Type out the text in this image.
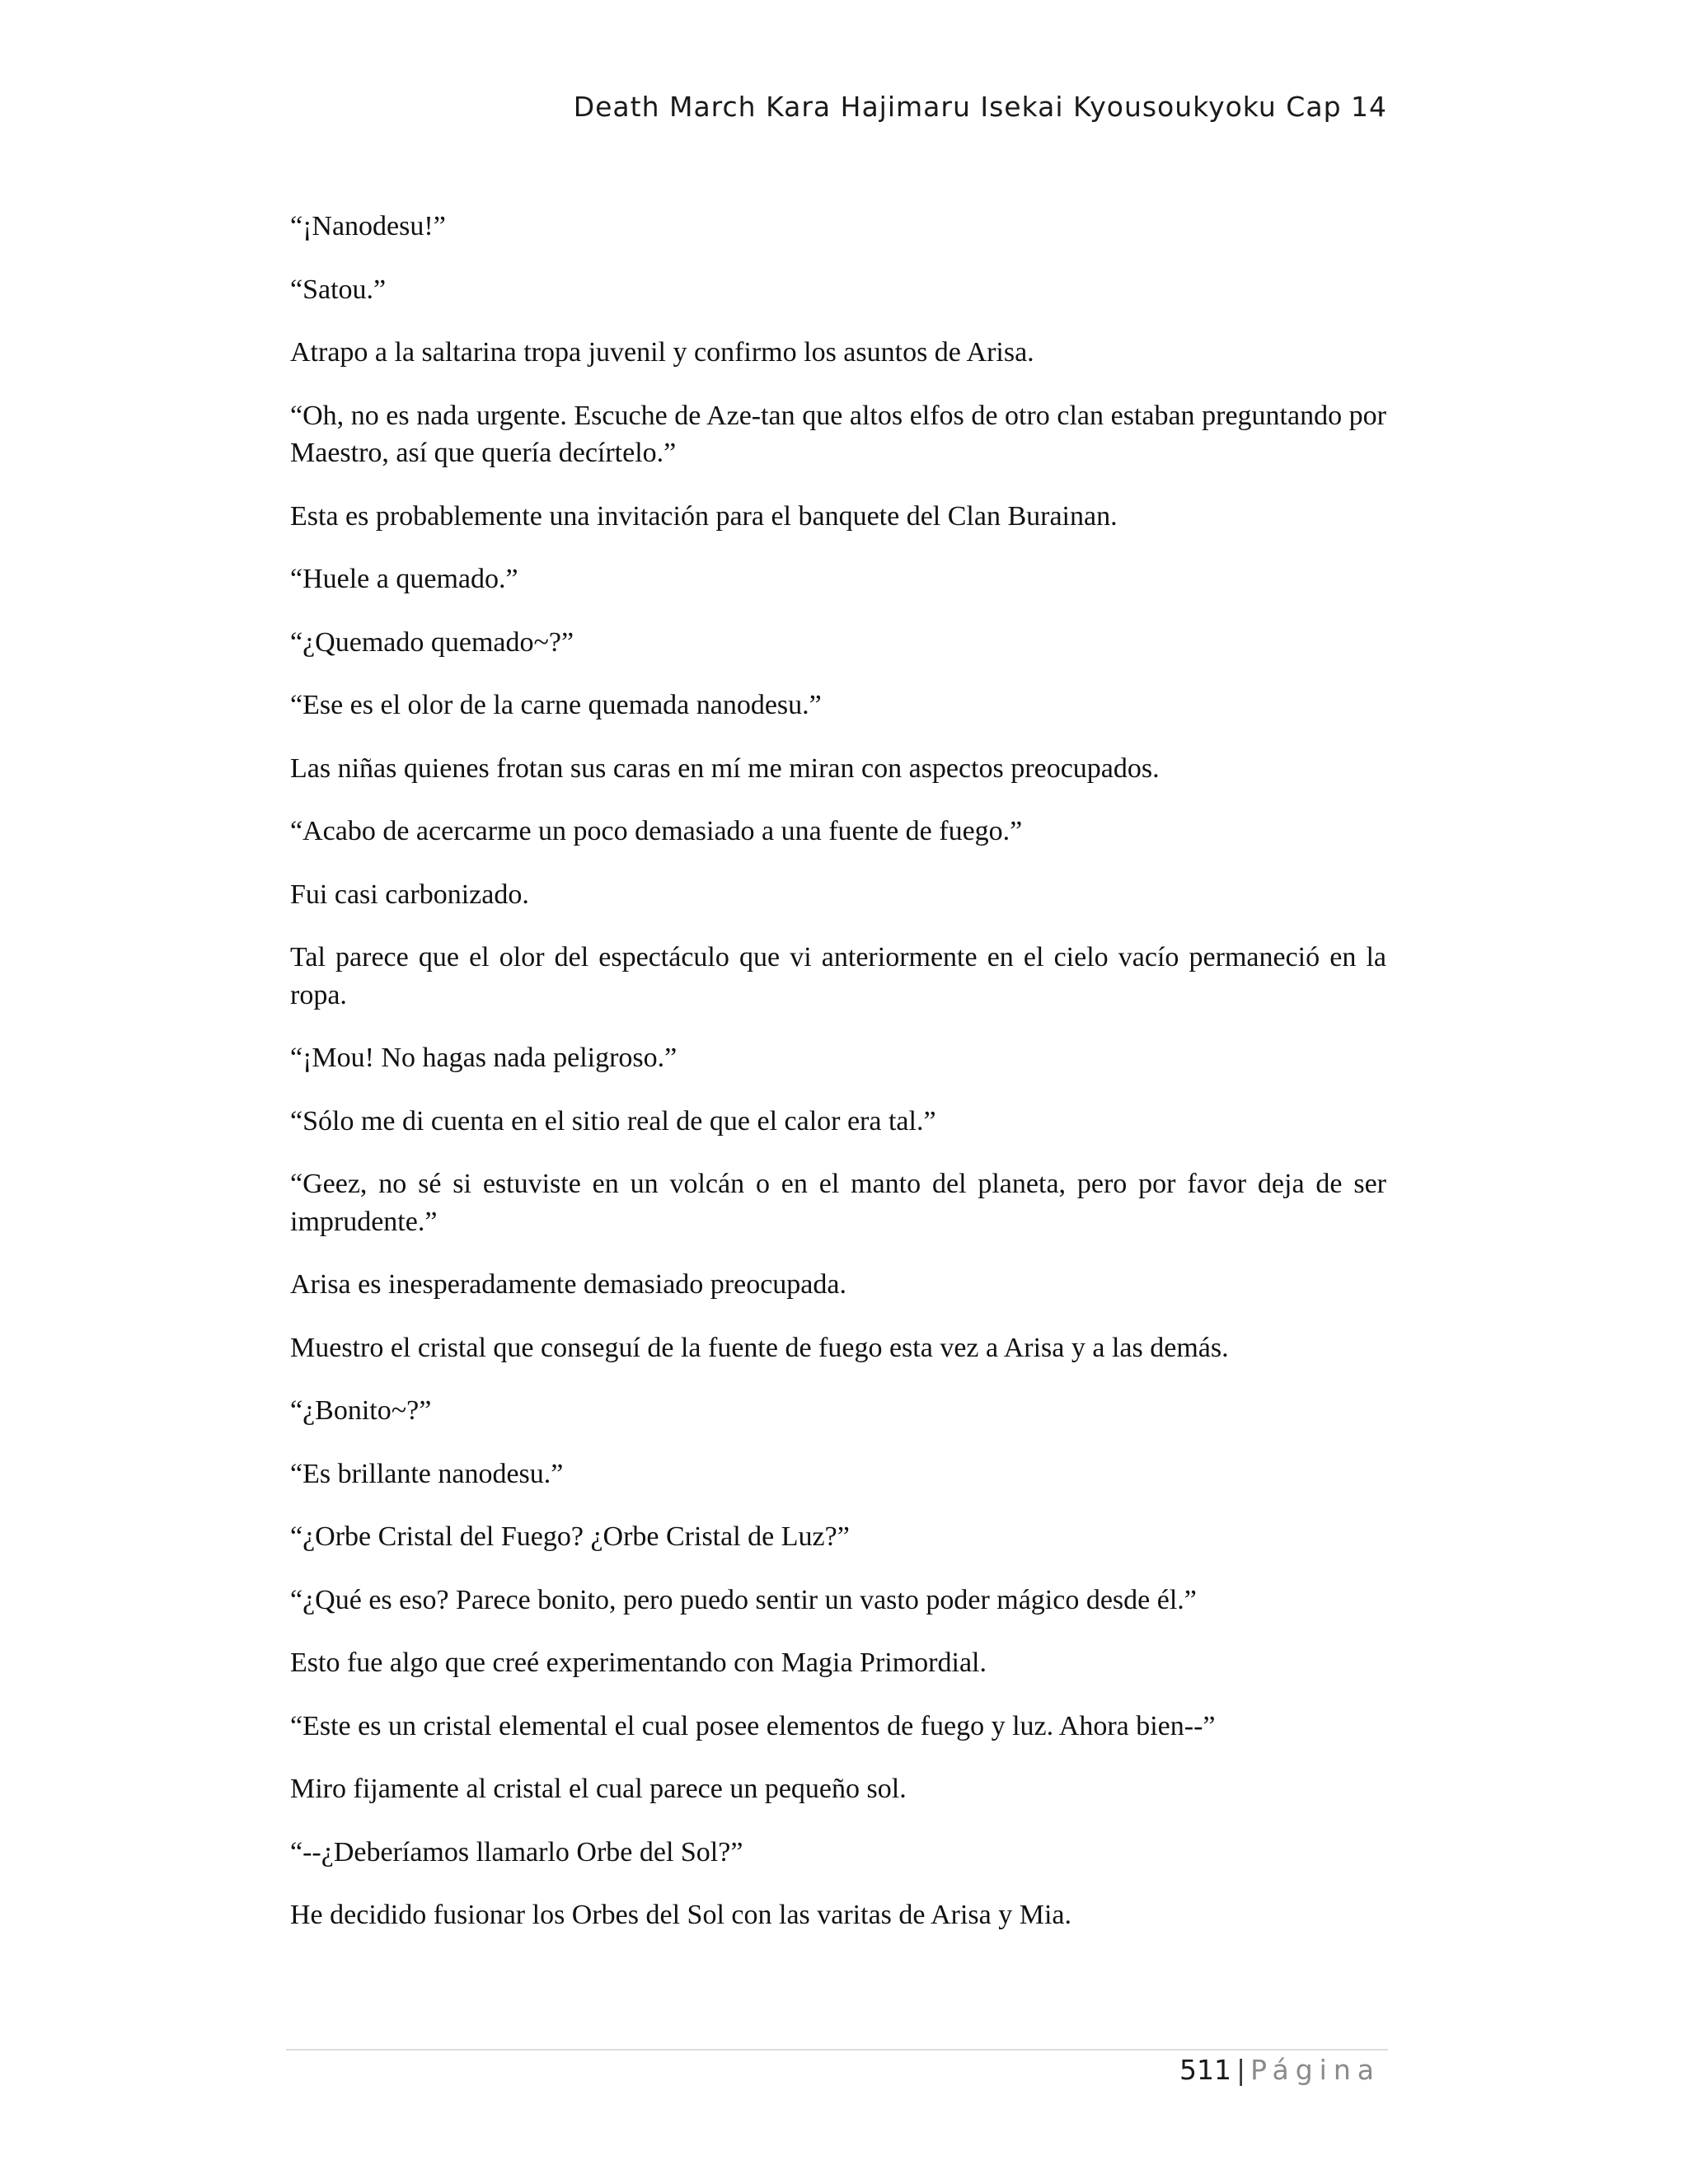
Death March Kara Hajimaru Isekai Kyousoukyoku Cap 14

“¡Nanodesu!”

“Satou.”

Atrapo a la saltarina tropa juvenil y confirmo los asuntos de Arisa.

“Oh, no es nada urgente. Escuche de Aze-tan que altos elfos de otro clan estaban preguntando por Maestro, así que quería decírtelo.”

Esta es probablemente una invitación para el banquete del Clan Burainan.

“Huele a quemado.”

“¿Quemado quemado~?”

“Ese es el olor de la carne quemada nanodesu.”

Las niñas quienes frotan sus caras en mí me miran con aspectos preocupados.

“Acabo de acercarme un poco demasiado a una fuente de fuego.”

Fui casi carbonizado.

Tal parece que el olor del espectáculo que vi anteriormente en el cielo vacío permaneció en la ropa.

“¡Mou! No hagas nada peligroso.”

“Sólo me di cuenta en el sitio real de que el calor era tal.”

“Geez, no sé si estuviste en un volcán o en el manto del planeta, pero por favor deja de ser imprudente.”

Arisa es inesperadamente demasiado preocupada.

Muestro el cristal que conseguí de la fuente de fuego esta vez a Arisa y a las demás.

“¿Bonito~?”

“Es brillante nanodesu.”

“¿Orbe Cristal del Fuego? ¿Orbe Cristal de Luz?”

“¿Qué es eso? Parece bonito, pero puedo sentir un vasto poder mágico desde él.”

Esto fue algo que creé experimentando con Magia Primordial.

“Este es un cristal elemental el cual posee elementos de fuego y luz. Ahora bien--”

Miro fijamente al cristal el cual parece un pequeño sol.

“--¿Deberíamos llamarlo Orbe del Sol?”

He decidido fusionar los Orbes del Sol con las varitas de Arisa y Mia.

511 | Página
